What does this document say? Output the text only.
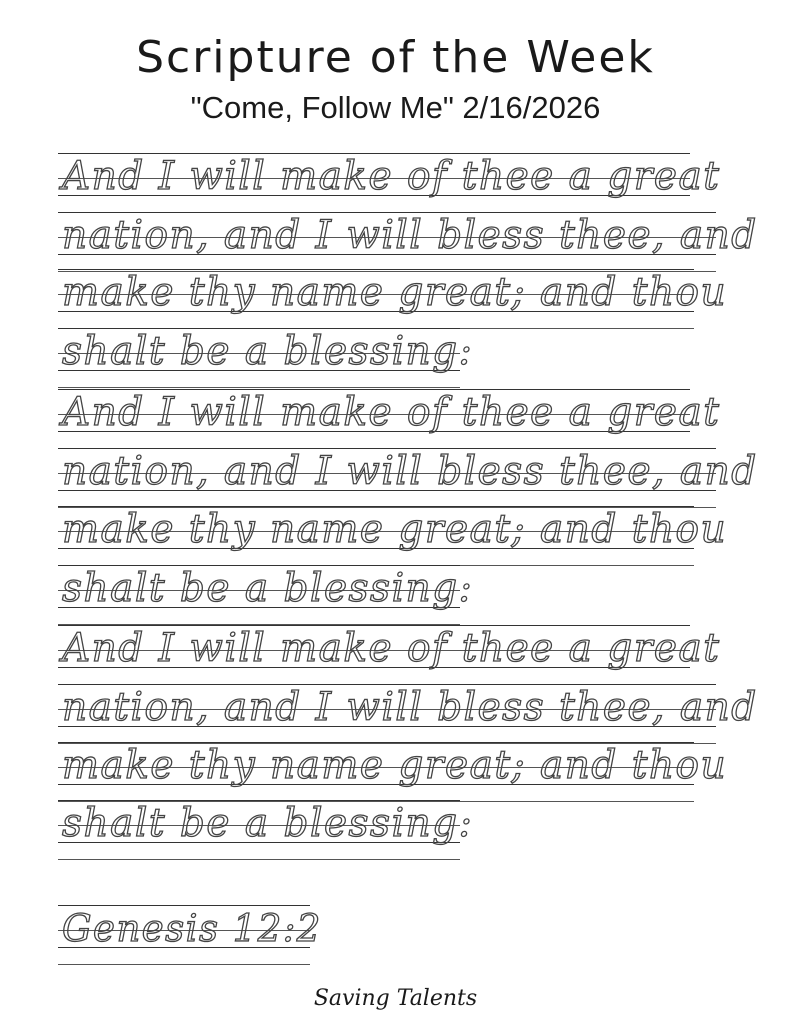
Scripture of the Week
"Come, Follow Me" 2/16/2026
And I will make of thee a great
nation, and I will bless thee, and
make thy name great; and thou
shalt be a blessing:
And I will make of thee a great
nation, and I will bless thee, and
make thy name great; and thou
shalt be a blessing:
And I will make of thee a great
nation, and I will bless thee, and
make thy name great; and thou
shalt be a blessing:
Genesis 12:2
Saving Talents
